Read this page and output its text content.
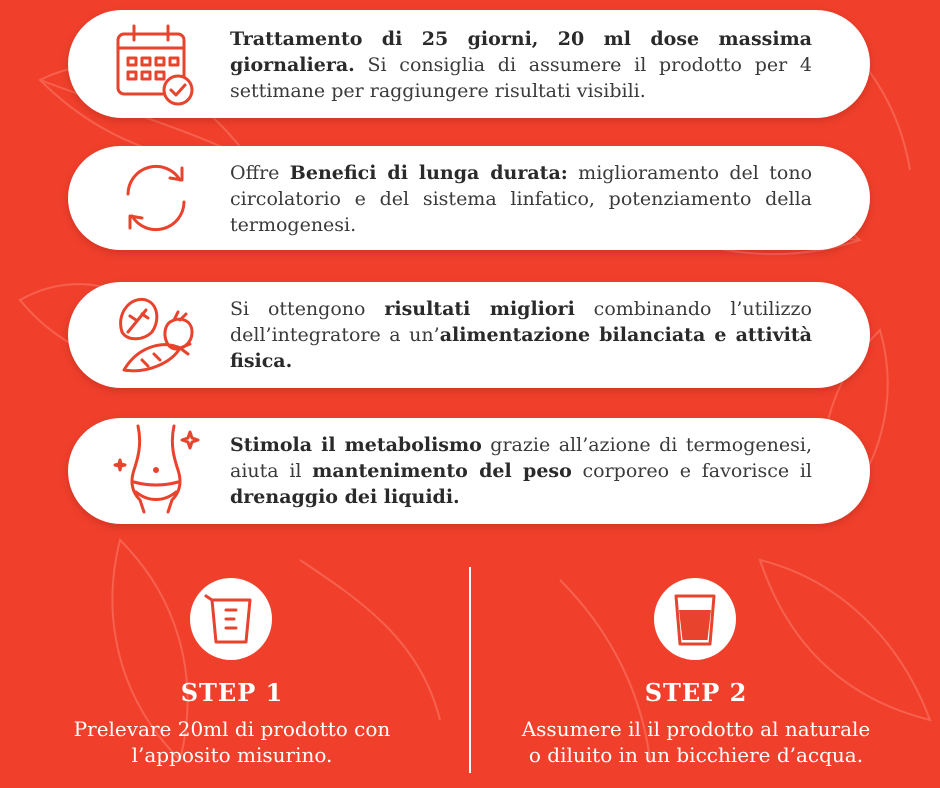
Trattamento di 25 giorni, 20 ml dose massima giornaliera. Si consiglia di assumere il prodotto per 4 settimane per raggiungere risultati visibili.
Offre Benefici di lunga durata: miglioramento del tono circolatorio e del sistema linfatico, potenziamento della termogenesi.
Si ottengono risultati migliori combinando l’utilizzo dell’integratore a un’alimentazione bilanciata e attività fisica.
Stimola il metabolismo grazie all’azione di termogenesi, aiuta il mantenimento del peso corporeo e favorisce il drenaggio dei liquidi.
STEP 1
Prelevare 20ml di prodotto con
l’apposito misurino.
STEP 2
Assumere il il prodotto al naturale
o diluito in un bicchiere d’acqua.
